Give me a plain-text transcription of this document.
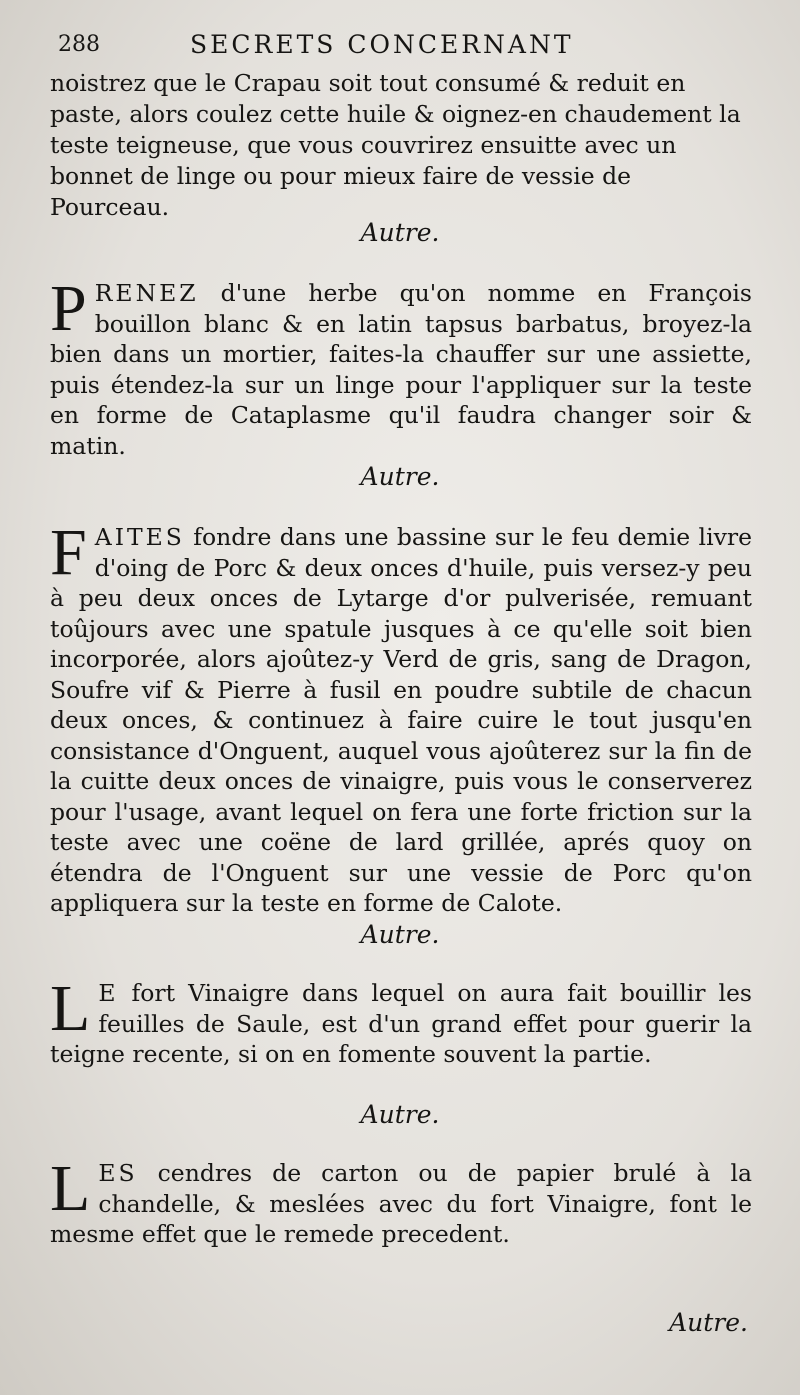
288	SECRETS CONCERNANT

noistrez que le Crapau soit tout consumé & reduit en paste, alors coulez cette huile & oignez-en chaudement la teste teigneuse, que vous couvrirez ensuitte avec un bonnet de linge ou pour mieux faire de vessie de Pourceau.

Autre.
PRENEZ d'une herbe qu'on nomme en François bouillon blanc & en latin tapsus barbatus, broyez-la bien dans un mortier, faites-la chauffer sur une assiette, puis étendez-la sur un linge pour l'appliquer sur la teste en forme de Cataplasme qu'il faudra changer soir & matin.
Autre.
FAITES fondre dans une bassine sur le feu demie livre d'oing de Porc & deux onces d'huile, puis versez-y peu à peu deux onces de Lytarge d'or pulverisée, remuant toûjours avec une spatule jusques à ce qu'elle soit bien incorporée, alors ajoûtez-y Verd de gris, sang de Dragon, Soufre vif & Pierre à fusil en poudre subtile de chacun deux onces, & continuez à faire cuire le tout jusqu'en consistance d'Onguent, auquel vous ajoûterez sur la fin de la cuitte deux onces de vinaigre, puis vous le conserverez pour l'usage, avant lequel on fera une forte friction sur la teste avec une coëne de lard grillée, aprés quoy on étendra de l'Onguent sur une vessie de Porc qu'on appliquera sur la teste en forme de Calote.
Autre.
L E fort Vinaigre dans lequel on aura fait bouillir les feuilles de Saule, est d'un grand effet pour guerir la teigne recente, si on en fomente souvent la partie.
Autre.
LES cendres de carton ou de papier brulé à la chandelle, & meslées avec du fort Vinaigre, font le mesme effet que le remede precedent.
Autre.
